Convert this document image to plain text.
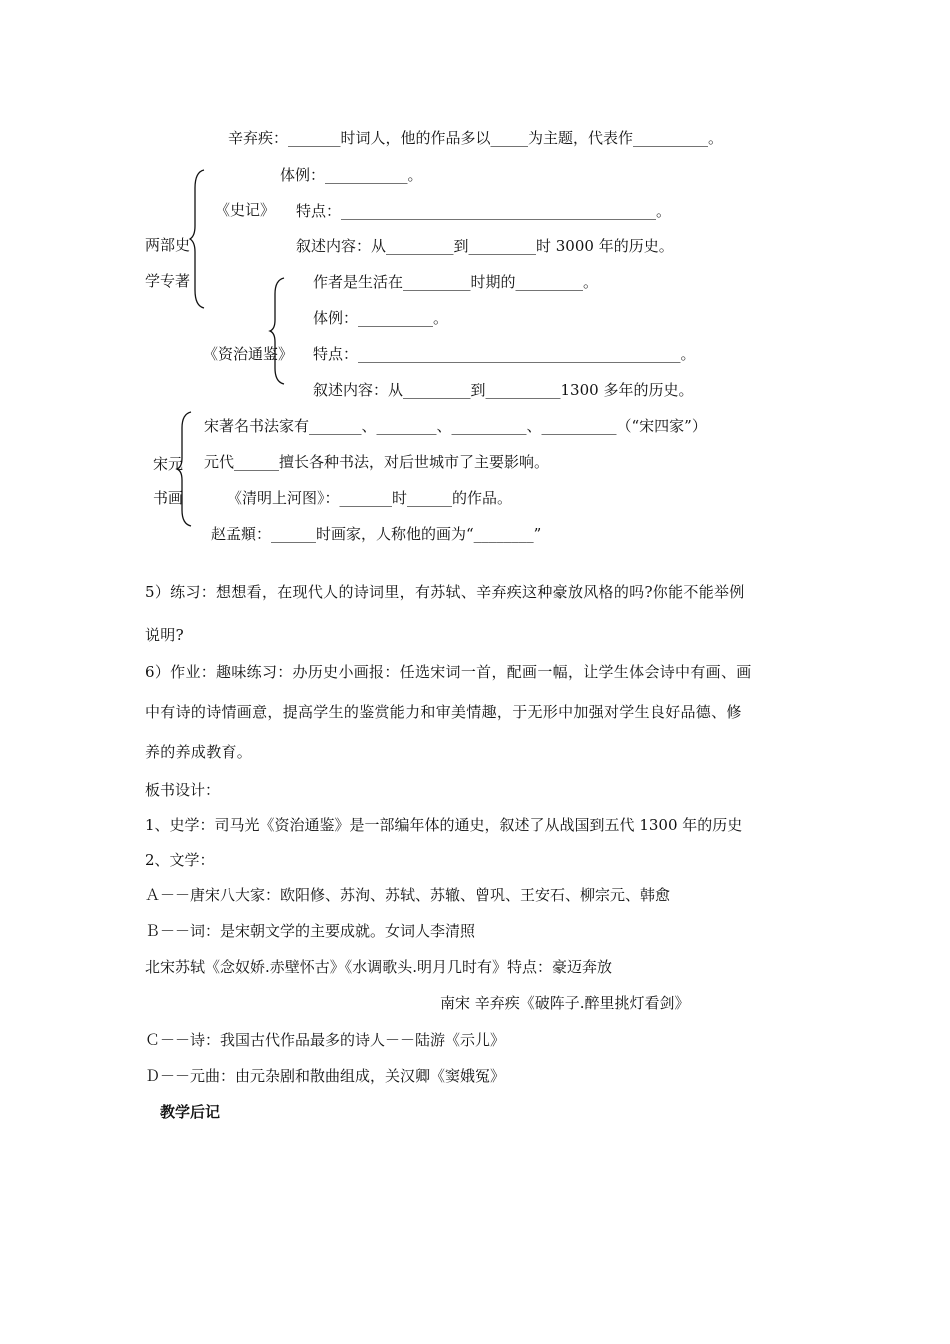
辛弃疾：_______时词人，他的作品多以_____为主题，代表作__________。
两部史
学专著
体例：___________。
《史记》 特点：__________________________________________。
叙述内容：从_________到_________时 3000 年的历史。
作者是生活在_________时期的_________。
体例：__________。
《资治通鉴》 特点：___________________________________________。
叙述内容：从_________到__________1300 多年的历史。
宋元
书画
宋著名书法家有_______、________、__________、__________（“宋四家”）
元代______擅长各种书法，对后世城市了主要影响。
《清明上河图》：_______时______的作品。
赵孟頫：______时画家，人称他的画为“________”
5）练习：想想看，在现代人的诗词里，有苏轼、辛弃疾这种豪放风格的吗?你能不能举例
说明?
6）作业：趣味练习：办历史小画报：任选宋词一首，配画一幅，让学生体会诗中有画、画
中有诗的诗情画意，提高学生的鉴赏能力和审美情趣，于无形中加强对学生良好品德、修
养的养成教育。
板书设计：
1、史学：司马光《资治通鉴》是一部编年体的通史，叙述了从战国到五代 1300 年的历史
2、文学：
Ａ－－唐宋八大家：欧阳修、苏洵、苏轼、苏辙、曾巩、王安石、柳宗元、韩愈
Ｂ－－词：是宋朝文学的主要成就。女词人李清照
北宋苏轼《念奴娇.赤壁怀古》《水调歌头.明月几时有》特点：豪迈奔放
南宋 辛弃疾《破阵子.醉里挑灯看剑》
Ｃ－－诗：我国古代作品最多的诗人－－陆游《示儿》
Ｄ－－元曲：由元杂剧和散曲组成，关汉卿《窦娥冤》
教学后记
